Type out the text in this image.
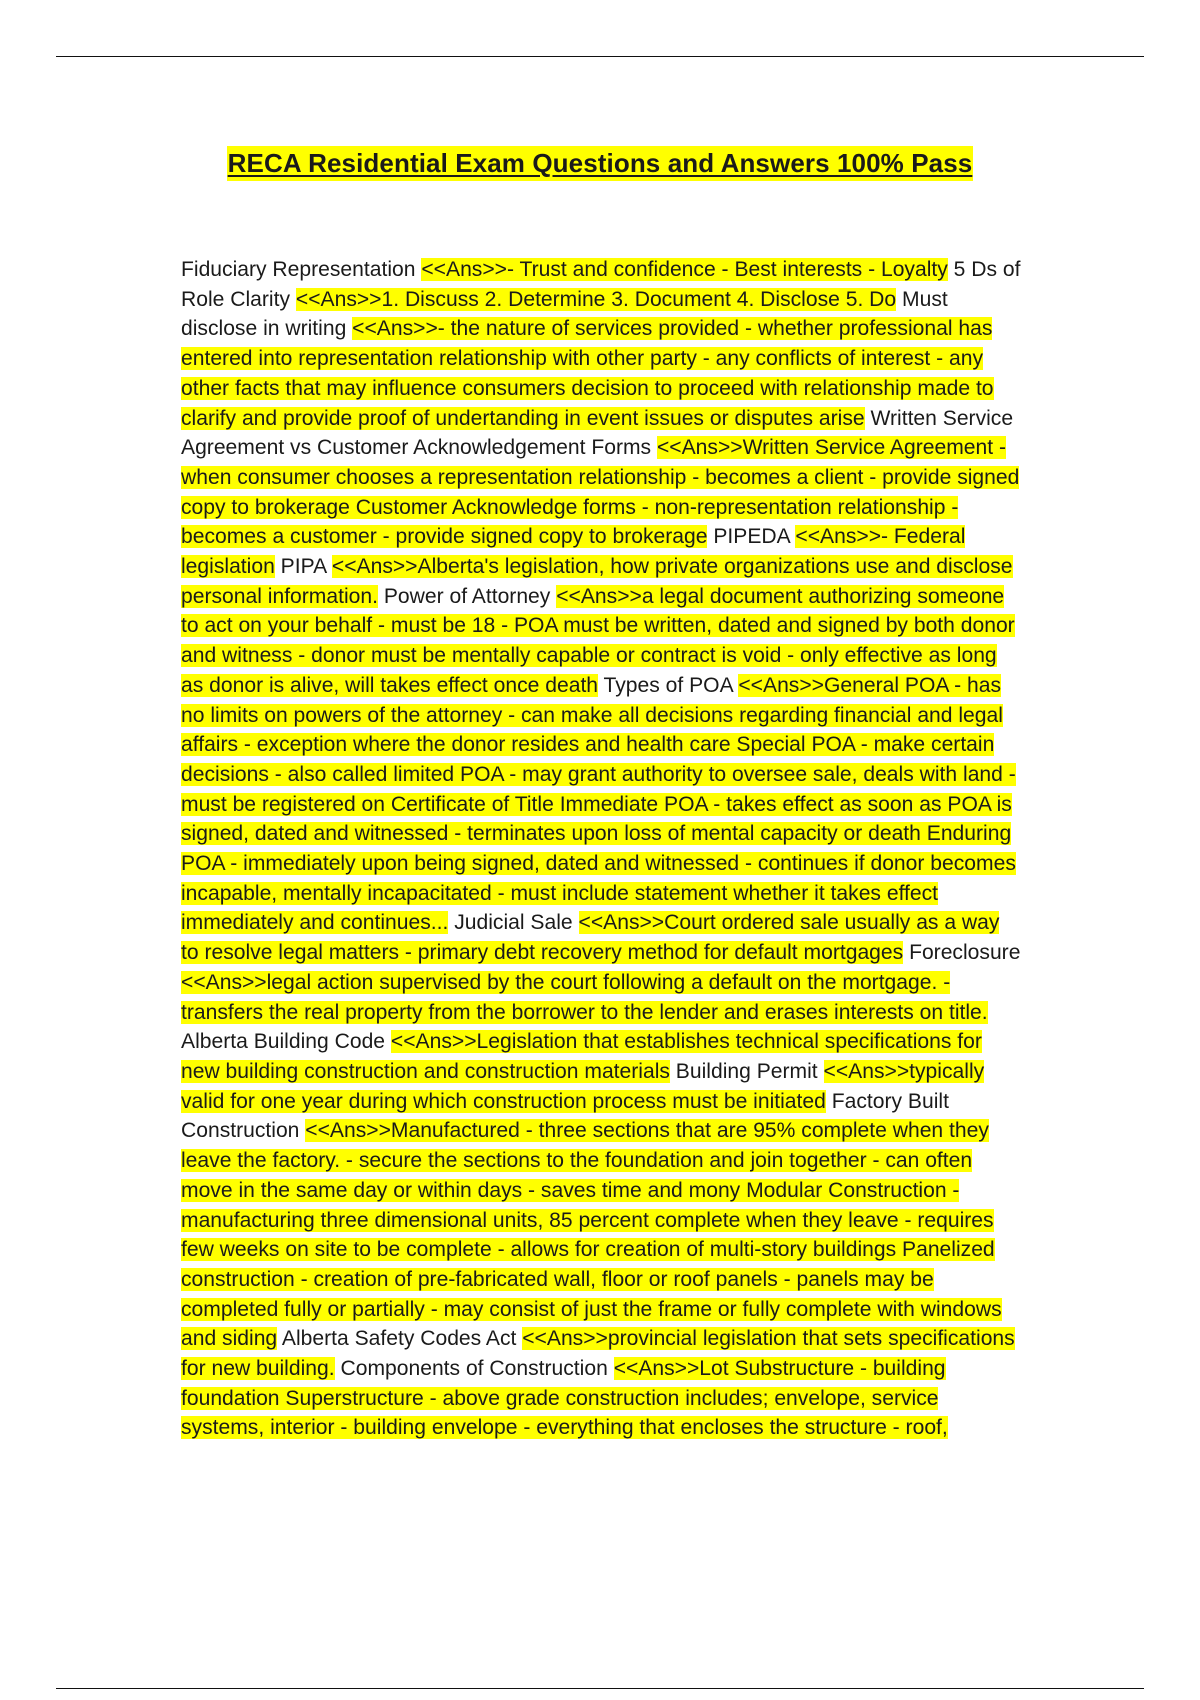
RECA Residential Exam Questions and Answers 100% Pass
Fiduciary Representation <<Ans>>- Trust and confidence - Best interests - Loyalty 5 Ds of Role Clarity <<Ans>>1. Discuss 2. Determine 3. Document 4. Disclose 5. Do Must disclose in writing <<Ans>>- the nature of services provided - whether professional has entered into representation relationship with other party - any conflicts of interest - any other facts that may influence consumers decision to proceed with relationship made to clarify and provide proof of undertanding in event issues or disputes arise Written Service Agreement vs Customer Acknowledgement Forms <<Ans>>Written Service Agreement - when consumer chooses a representation relationship - becomes a client - provide signed copy to brokerage Customer Acknowledge forms - non-representation relationship - becomes a customer - provide signed copy to brokerage PIPEDA <<Ans>>- Federal legislation PIPA <<Ans>>Alberta's legislation, how private organizations use and disclose personal information. Power of Attorney <<Ans>>a legal document authorizing someone to act on your behalf - must be 18 - POA must be written, dated and signed by both donor and witness - donor must be mentally capable or contract is void - only effective as long as donor is alive, will takes effect once death Types of POA <<Ans>>General POA - has no limits on powers of the attorney - can make all decisions regarding financial and legal affairs - exception where the donor resides and health care Special POA - make certain decisions - also called limited POA - may grant authority to oversee sale, deals with land - must be registered on Certificate of Title Immediate POA - takes effect as soon as POA is signed, dated and witnessed - terminates upon loss of mental capacity or death Enduring POA - immediately upon being signed, dated and witnessed - continues if donor becomes incapable, mentally incapacitated - must include statement whether it takes effect immediately and continues... Judicial Sale <<Ans>>Court ordered sale usually as a way to resolve legal matters - primary debt recovery method for default mortgages Foreclosure <<Ans>>legal action supervised by the court following a default on the mortgage. -transfers the real property from the borrower to the lender and erases interests on title. Alberta Building Code <<Ans>>Legislation that establishes technical specifications for new building construction and construction materials Building Permit <<Ans>>typically valid for one year during which construction process must be initiated Factory Built Construction <<Ans>>Manufactured - three sections that are 95% complete when they leave the factory. - secure the sections to the foundation and join together - can often move in the same day or within days - saves time and mony Modular Construction - manufacturing three dimensional units, 85 percent complete when they leave - requires few weeks on site to be complete - allows for creation of multi-story buildings Panelized construction - creation of pre-fabricated wall, floor or roof panels - panels may be completed fully or partially - may consist of just the frame or fully complete with windows and siding Alberta Safety Codes Act <<Ans>>provincial legislation that sets specifications for new building. Components of Construction <<Ans>>Lot Substructure - building foundation Superstructure - above grade construction includes; envelope, service systems, interior - building envelope - everything that encloses the structure - roof,
